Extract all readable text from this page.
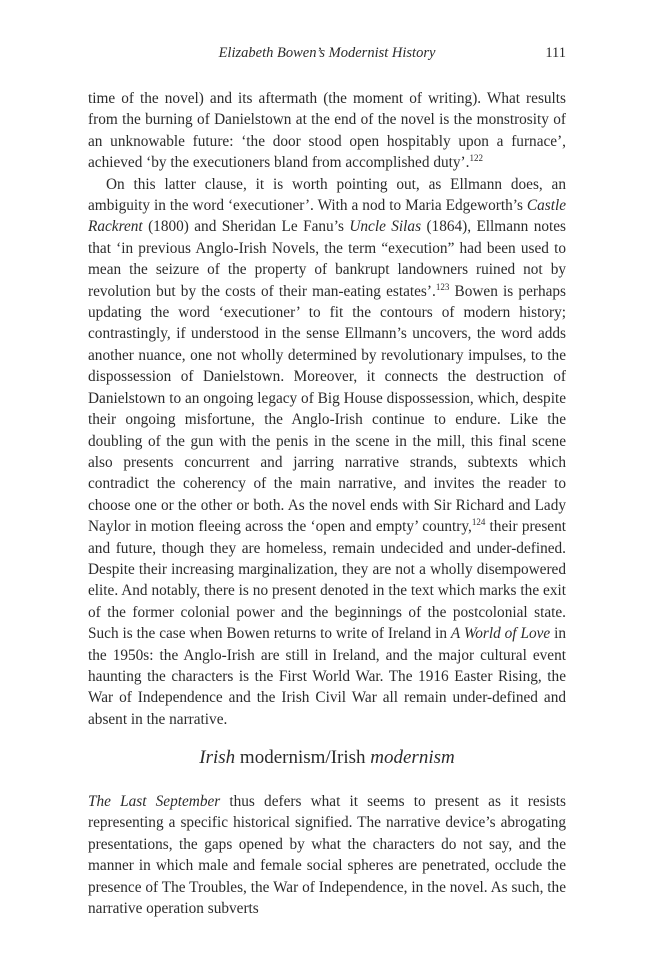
Elizabeth Bowen’s Modernist History	111

time of the novel) and its aftermath (the moment of writing). What results from the burning of Danielstown at the end of the novel is the monstrosity of an unknowable future: ‘the door stood open hospitably upon a furnace’, achieved ‘by the executioners bland from accomplished duty’.$^{122}$

On this latter clause, it is worth pointing out, as Ellmann does, an ambiguity in the word ‘executioner’. With a nod to Maria Edgeworth’s Castle Rackrent (1800) and Sheridan Le Fanu’s Uncle Silas (1864), Ellmann notes that ‘in previous Anglo-Irish Novels, the term “execution” had been used to mean the seizure of the property of bankrupt landowners ruined not by revolution but by the costs of their man-eating estates’.$^{123}$ Bowen is perhaps updating the word ‘executioner’ to fit the contours of modern history; contrastingly, if understood in the sense Ellmann’s uncovers, the word adds another nuance, one not wholly determined by revolutionary impulses, to the dispossession of Danielstown. Moreover, it connects the destruction of Danielstown to an ongoing legacy of Big House dispossession, which, despite their ongoing misfortune, the Anglo-Irish continue to endure. Like the doubling of the gun with the penis in the scene in the mill, this final scene also presents concurrent and jarring narrative strands, subtexts which contradict the coherency of the main narrative, and invites the reader to choose one or the other or both. As the novel ends with Sir Richard and Lady Naylor in motion fleeing across the ‘open and empty’ country,$^{124}$ their present and future, though they are homeless, remain undecided and under-defined. Despite their increasing marginalization, they are not a wholly disempowered elite. And notably, there is no present denoted in the text which marks the exit of the former colonial power and the beginnings of the postcolonial state. Such is the case when Bowen returns to write of Ireland in A World of Love in the 1950s: the Anglo-Irish are still in Ireland, and the major cultural event haunting the characters is the First World War. The 1916 Easter Rising, the War of Independence and the Irish Civil War all remain under-defined and absent in the narrative.

Irish modernism/Irish modernism

The Last September thus defers what it seems to present as it resists representing a specific historical signified. The narrative device’s abrogating presentations, the gaps opened by what the characters do not say, and the manner in which male and female social spheres are penetrated, occlude the presence of The Troubles, the War of Independence, in the novel. As such, the narrative operation subverts
